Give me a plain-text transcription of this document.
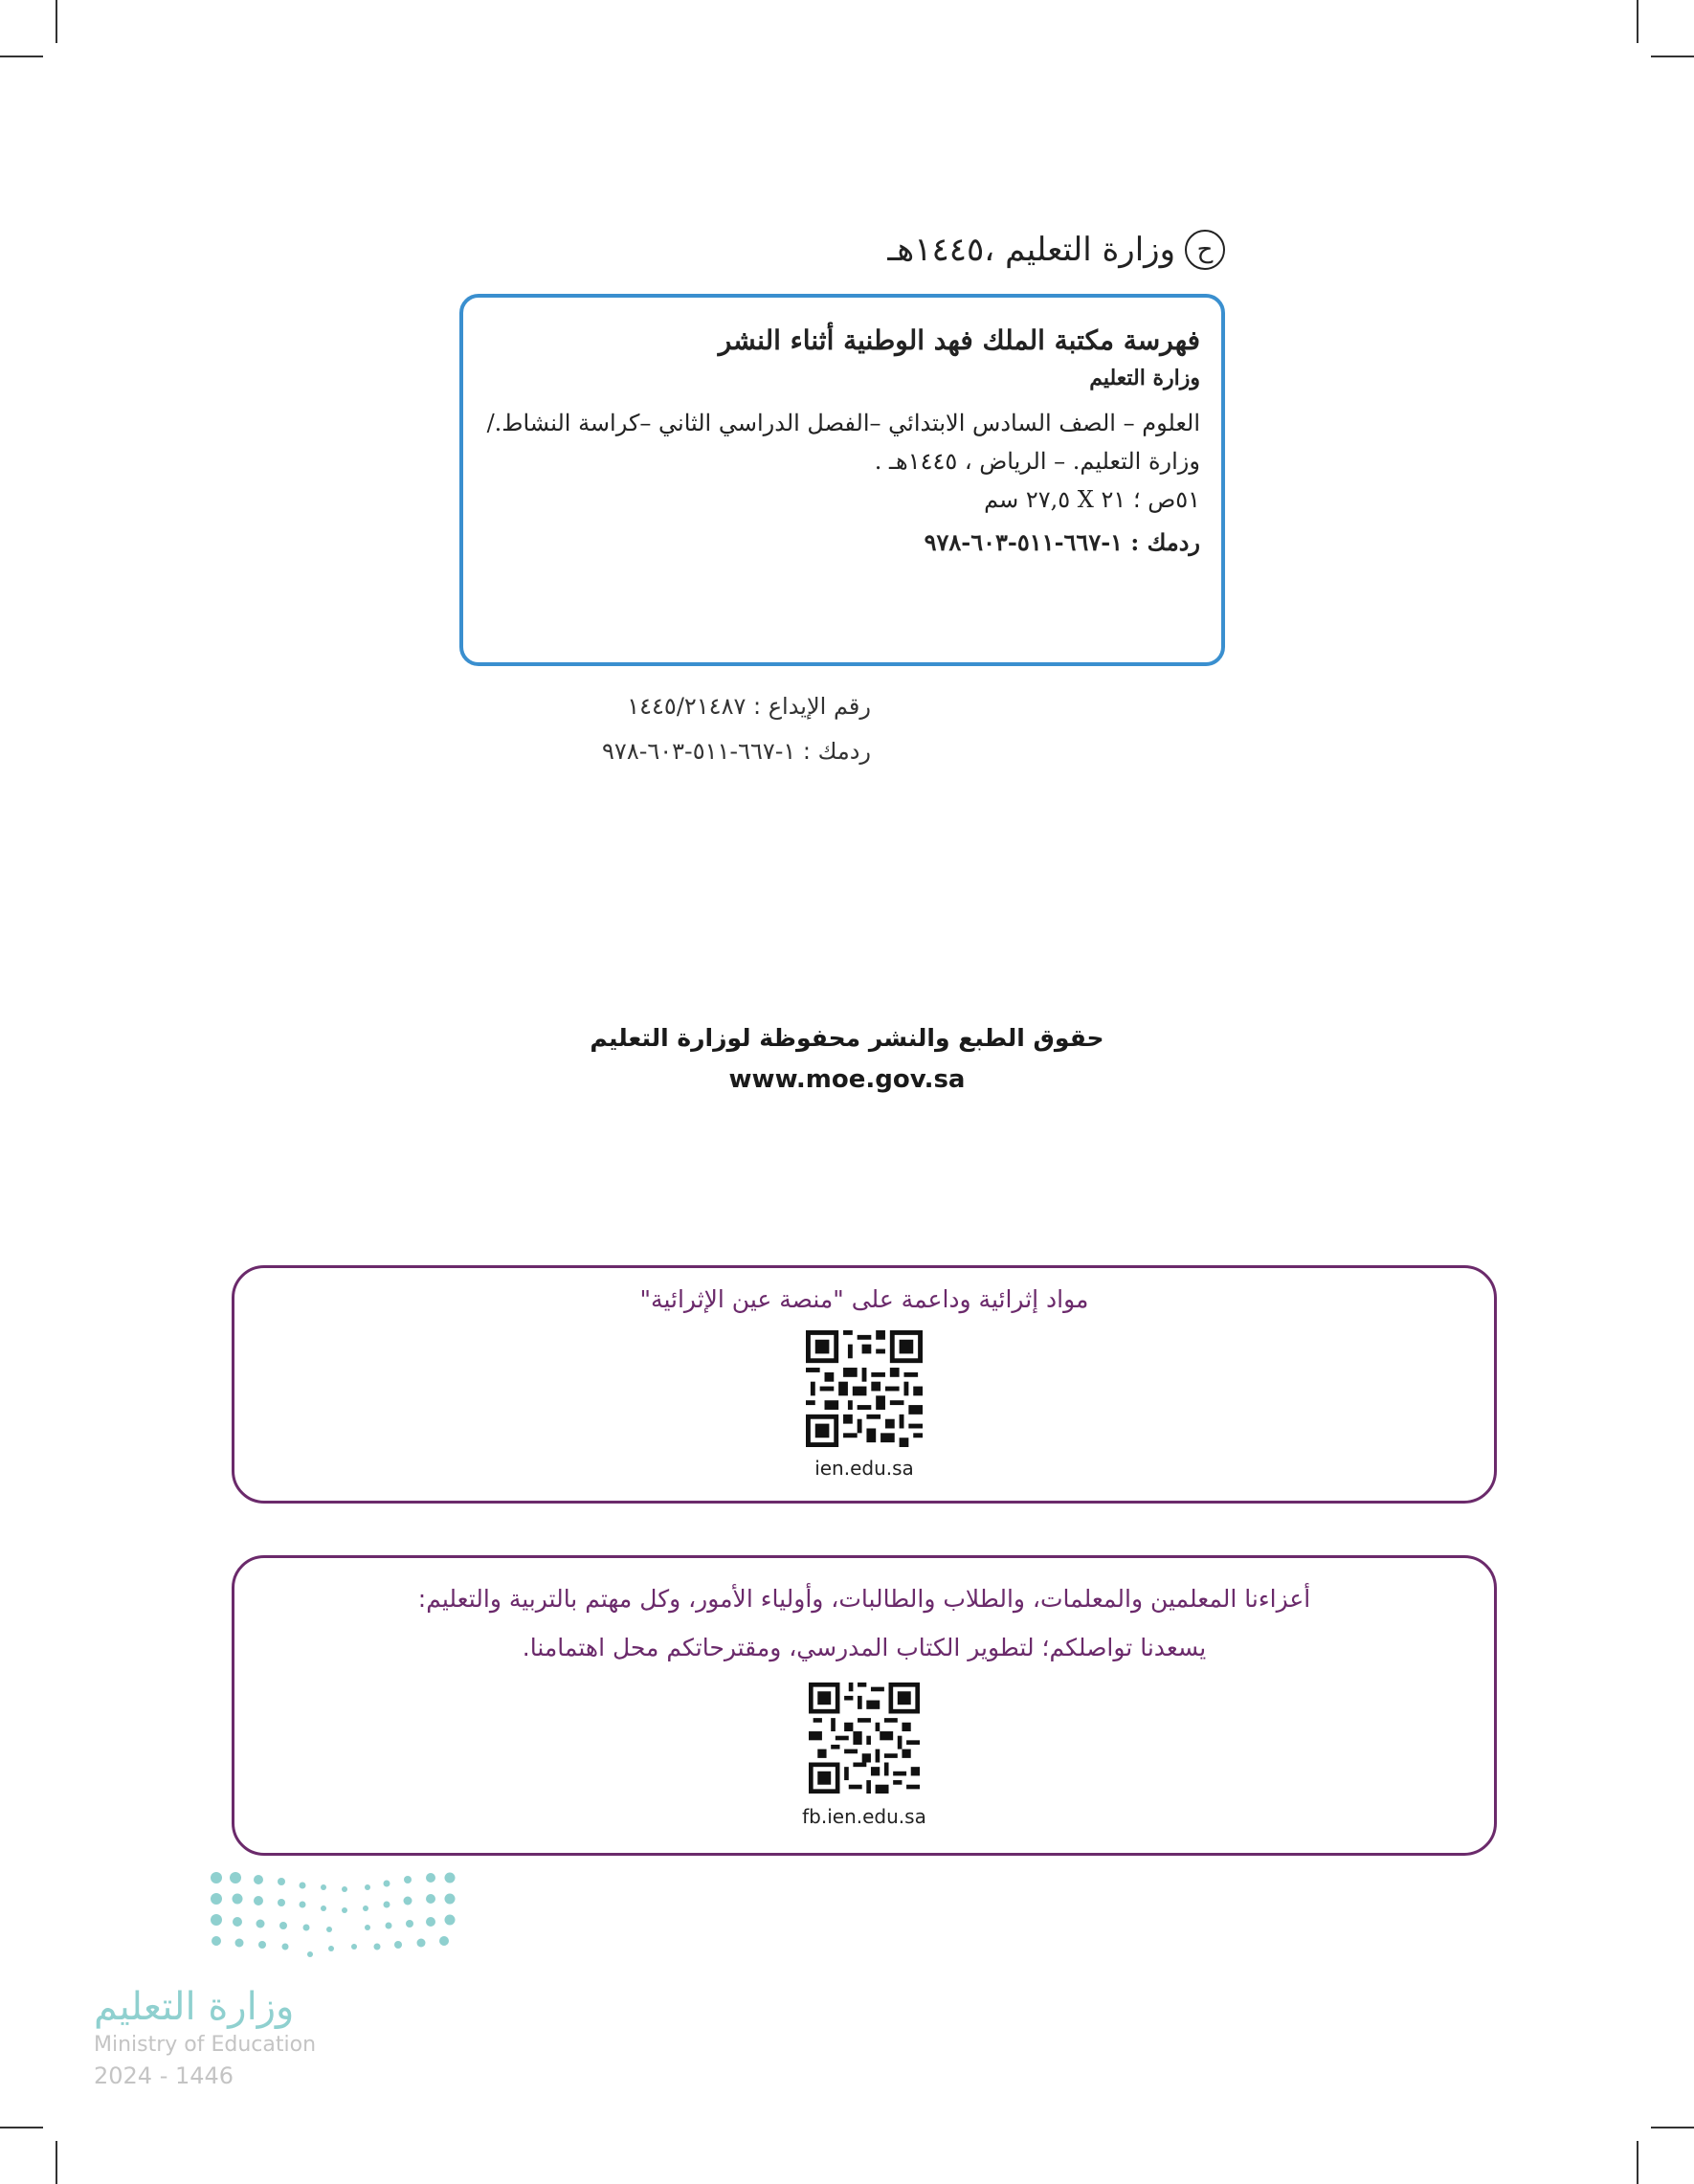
ح
وزارة التعليم ،١٤٤٥هـ
فهرسة مكتبة الملك فهد الوطنية أثناء النشر
وزارة التعليم
العلوم – الصف السادس الابتدائي –الفصل الدراسي الثاني –كراسة النشاط./
وزارة التعليم. – الرياض ، ١٤٤٥هـ .
٥١ص ؛ ٢١ X ٢٧,٥ سم
ردمك : ١-٦٦٧-٥١١-٦٠٣-٩٧٨
رقم الإيداع : ١٤٤٥/٢١٤٨٧
ردمك : ١-٦٦٧-٥١١-٦٠٣-٩٧٨
حقوق الطبع والنشر محفوظة لوزارة التعليم
www.moe.gov.sa
مواد إثرائية وداعمة على "منصة عين الإثرائية"
ien.edu.sa
أعزاءنا المعلمين والمعلمات، والطلاب والطالبات، وأولياء الأمور، وكل مهتم بالتربية والتعليم:
يسعدنا تواصلكم؛ لتطوير الكتاب المدرسي، ومقترحاتكم محل اهتمامنا.
fb.ien.edu.sa
وزارة التعليم
Ministry of Education
2024 - 1446
